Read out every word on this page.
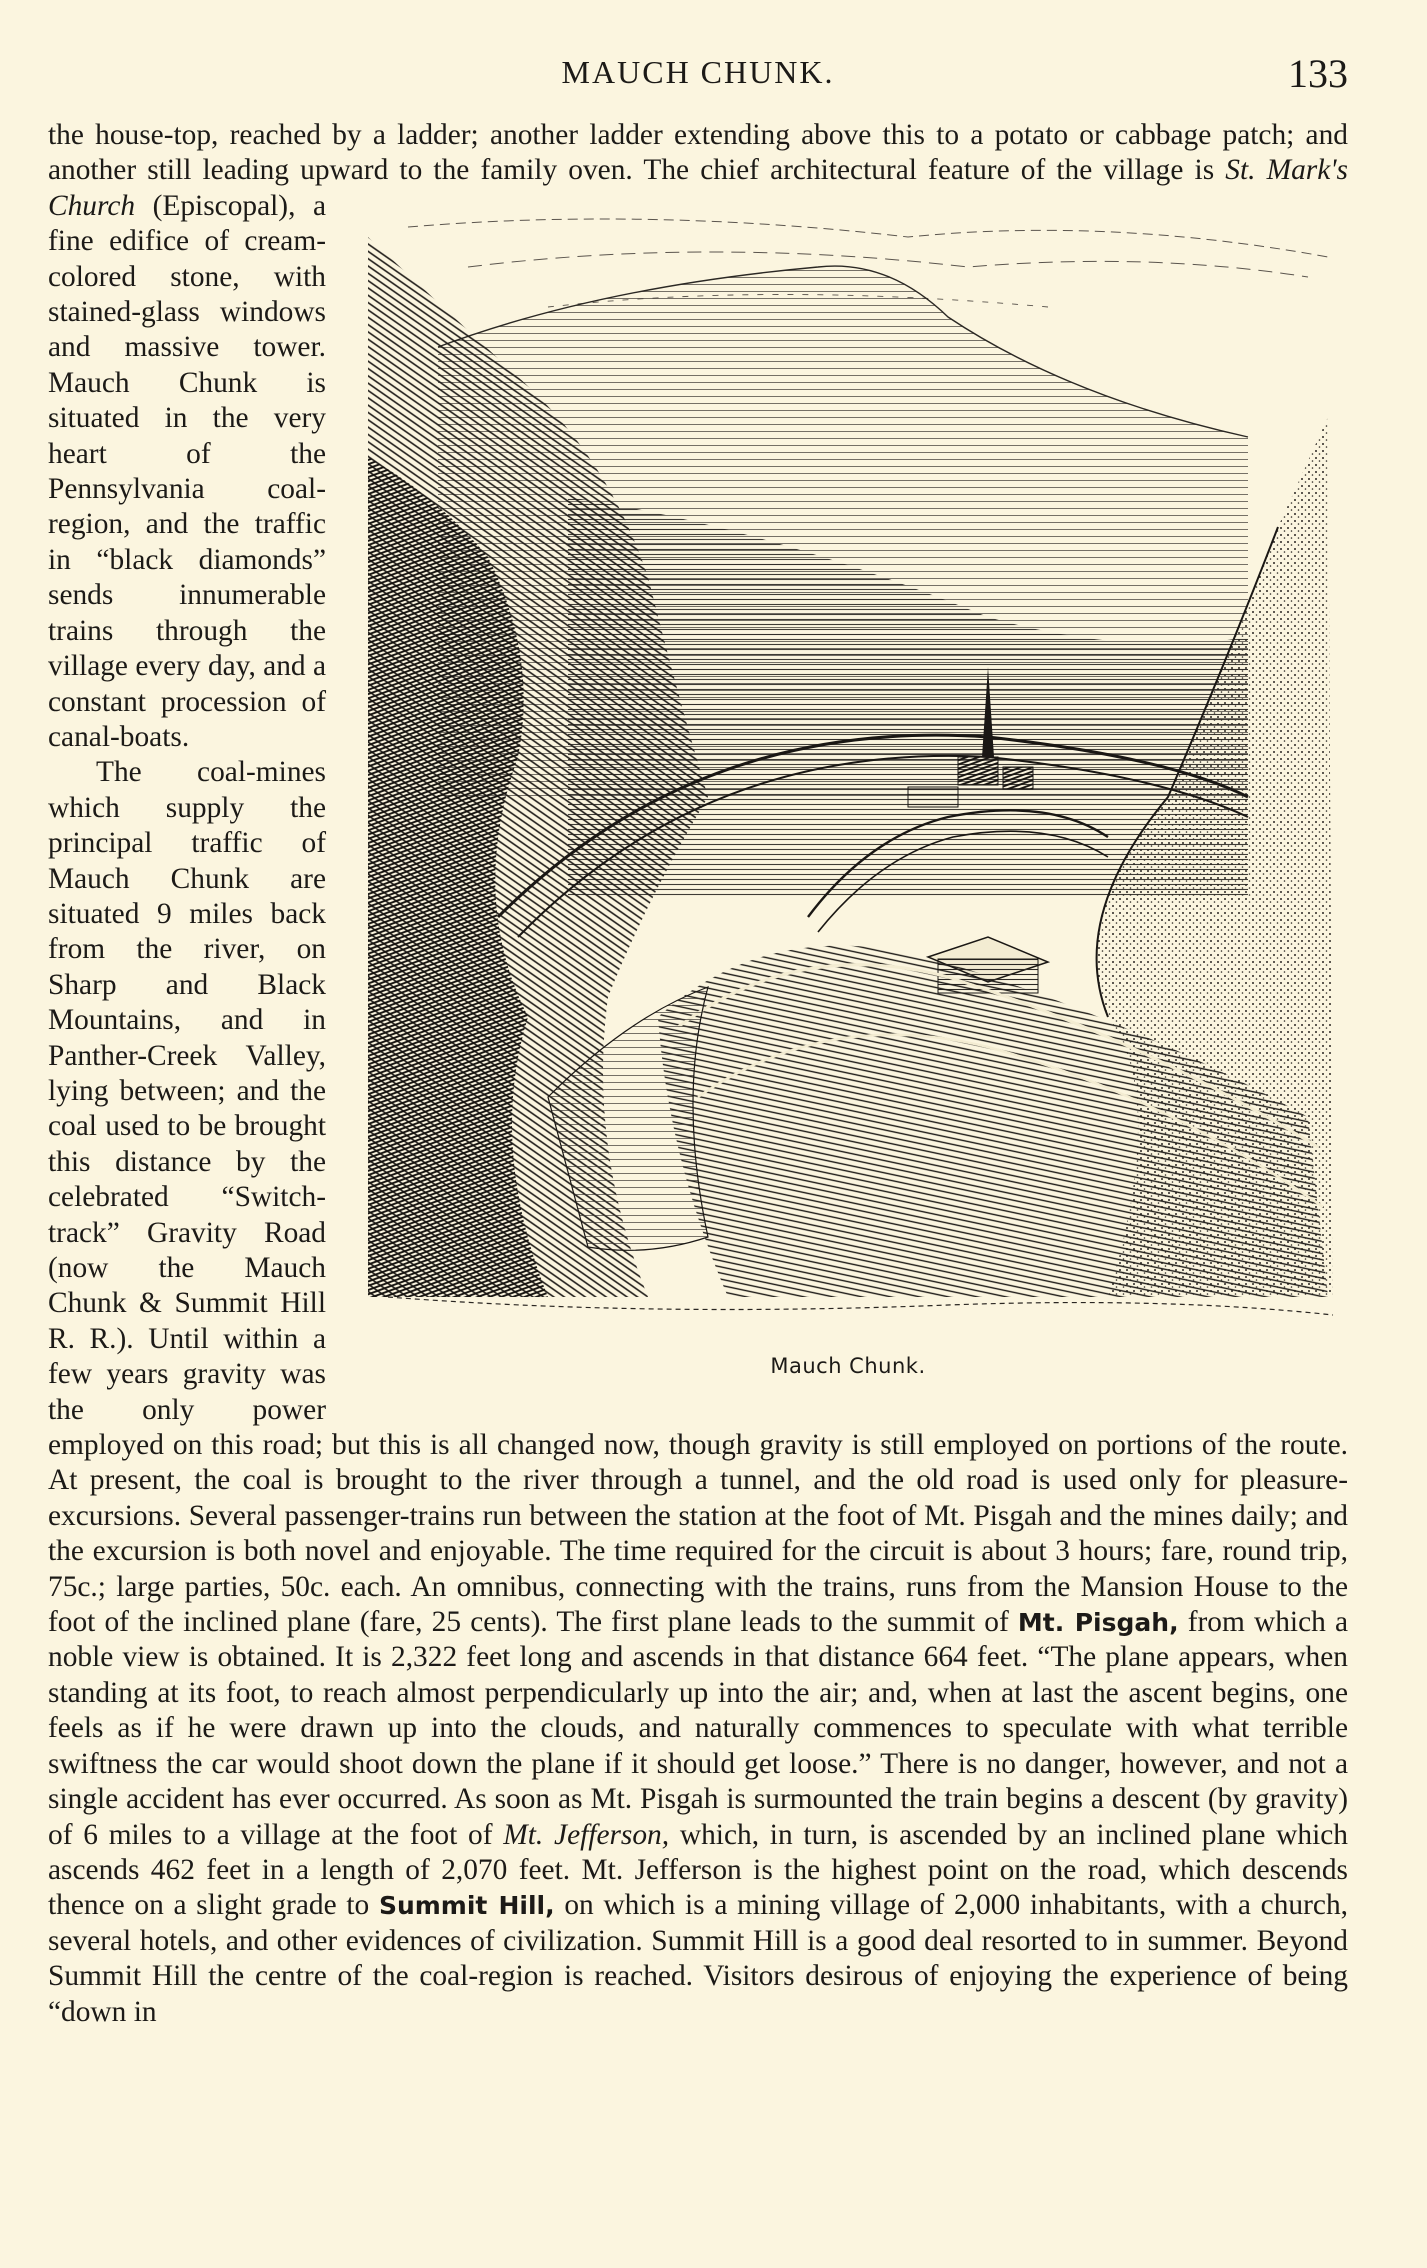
MAUCH CHUNK.	133

the house-top, reached by a ladder; another ladder extending above this to a potato or cabbage patch; and another still leading upward to the family oven. The chief architectural feature of the village is St. Mark's Church
Mauch Chunk.
(Episcopal), a fine edifice of cream-colored stone, with stained-glass windows and massive tower. Mauch Chunk is situated in the very heart of the Pennsylvania coal-region, and the traffic in “black diamonds” sends innumerable trains through the village every day, and a constant procession of canal-boats.

The coal-mines which supply the principal traffic of Mauch Chunk are situated 9 miles back from the river, on Sharp and Black Mountains, and in Panther-Creek Valley, lying between; and the coal used to be brought this distance by the celebrated “Switch-track” Gravity Road (now the Mauch Chunk & Summit Hill R. R.). Until within a few years gravity was the only power employed on this road; but this is all changed now, though gravity is still employed on portions of the route. At present, the coal is brought to the river through a tunnel, and the old road is used only for pleasure-excursions. Several passenger-trains run between the station at the foot of Mt. Pisgah and the mines daily; and the excursion is both novel and enjoyable. The time required for the circuit is about 3 hours; fare, round trip, 75c.; large parties, 50c. each. An omnibus, connecting with the trains, runs from the Mansion House to the foot of the inclined plane (fare, 25 cents). The first plane leads to the summit of Mt. Pisgah, from which a noble view is obtained. It is 2,322 feet long and ascends in that distance 664 feet. “The plane appears, when standing at its foot, to reach almost perpendicularly up into the air; and, when at last the ascent begins, one feels as if he were drawn up into the clouds, and naturally commences to speculate with what terrible swiftness the car would shoot down the plane if it should get loose.” There is no danger, however, and not a single accident has ever occurred. As soon as Mt. Pisgah is surmounted the train begins a descent (by gravity) of 6 miles to a village at the foot of Mt. Jefferson, which, in turn, is ascended by an inclined plane which ascends 462 feet in a length of 2,070 feet. Mt. Jefferson is the highest point on the road, which descends thence on a slight grade to Summit Hill, on which is a mining village of 2,000 inhabitants, with a church, several hotels, and other evidences of civilization. Summit Hill is a good deal resorted to in summer. Beyond Summit Hill the centre of the coal-region is reached. Visitors desirous of enjoying the experience of being “down in
